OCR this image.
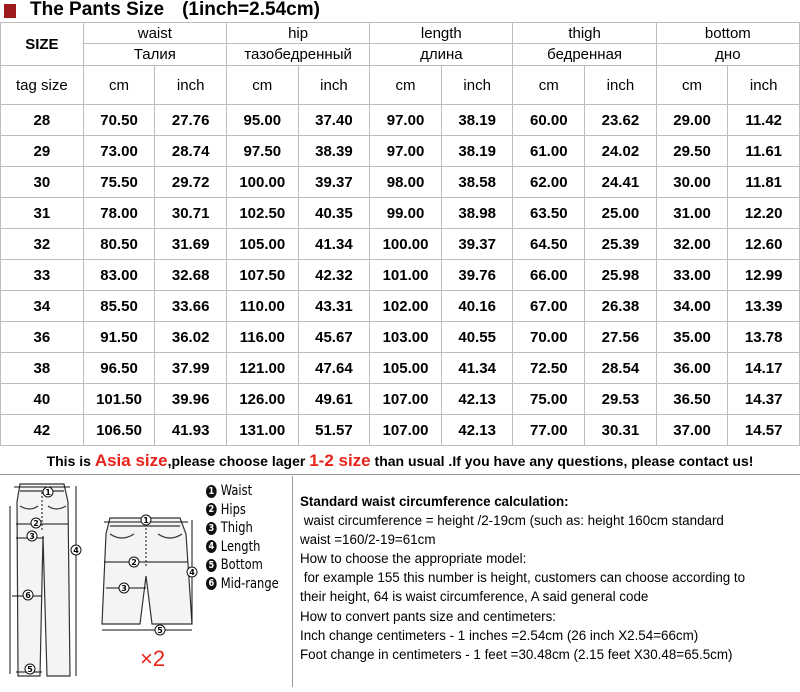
The Pants Size (1inch=2.54cm)
SIZE	waist		hip		length		thigh		bottom	
	Талия		тазобедренный		длина		бедренная		дно	
tag size	cm	inch	cm	inch	cm	inch	cm	inch	cm	inch
28	70.50	27.76	95.00	37.40	97.00	38.19	60.00	23.62	29.00	11.42
29	73.00	28.74	97.50	38.39	97.00	38.19	61.00	24.02	29.50	11.61
30	75.50	29.72	100.00	39.37	98.00	38.58	62.00	24.41	30.00	11.81
31	78.00	30.71	102.50	40.35	99.00	38.98	63.50	25.00	31.00	12.20
32	80.50	31.69	105.00	41.34	100.00	39.37	64.50	25.39	32.00	12.60
33	83.00	32.68	107.50	42.32	101.00	39.76	66.00	25.98	33.00	12.99
34	85.50	33.66	110.00	43.31	102.00	40.16	67.00	26.38	34.00	13.39
36	91.50	36.02	116.00	45.67	103.00	40.55	70.00	27.56	35.00	13.78
38	96.50	37.99	121.00	47.64	105.00	41.34	72.50	28.54	36.00	14.17
40	101.50	39.96	126.00	49.61	107.00	42.13	75.00	29.53	36.50	14.37
42	106.50	41.93	131.00	51.57	107.00	42.13	77.00	30.31	37.00	14.57
This is Asia size,please choose lager 1-2 size than usual .If you have any questions, please contact us!
1
2
3
4
5
6
1
2
3
4
5
1 Waist
2 Hips
3 Thigh
4 Length
5 Bottom
6 Mid-range
×2
Standard waist circumference calculation:
waist circumference = height /2-19cm (such as: height 160cm standard
waist =160/2-19=61cm
How to choose the appropriate model:
for example 155 this number is height, customers can choose according to
their height, 64 is waist circumference, A said general code
How to convert pants size and centimeters:
Inch change centimeters - 1 inches =2.54cm (26 inch X2.54=66cm)
Foot change in centimeters - 1 feet =30.48cm (2.15 feet X30.48=65.5cm)
